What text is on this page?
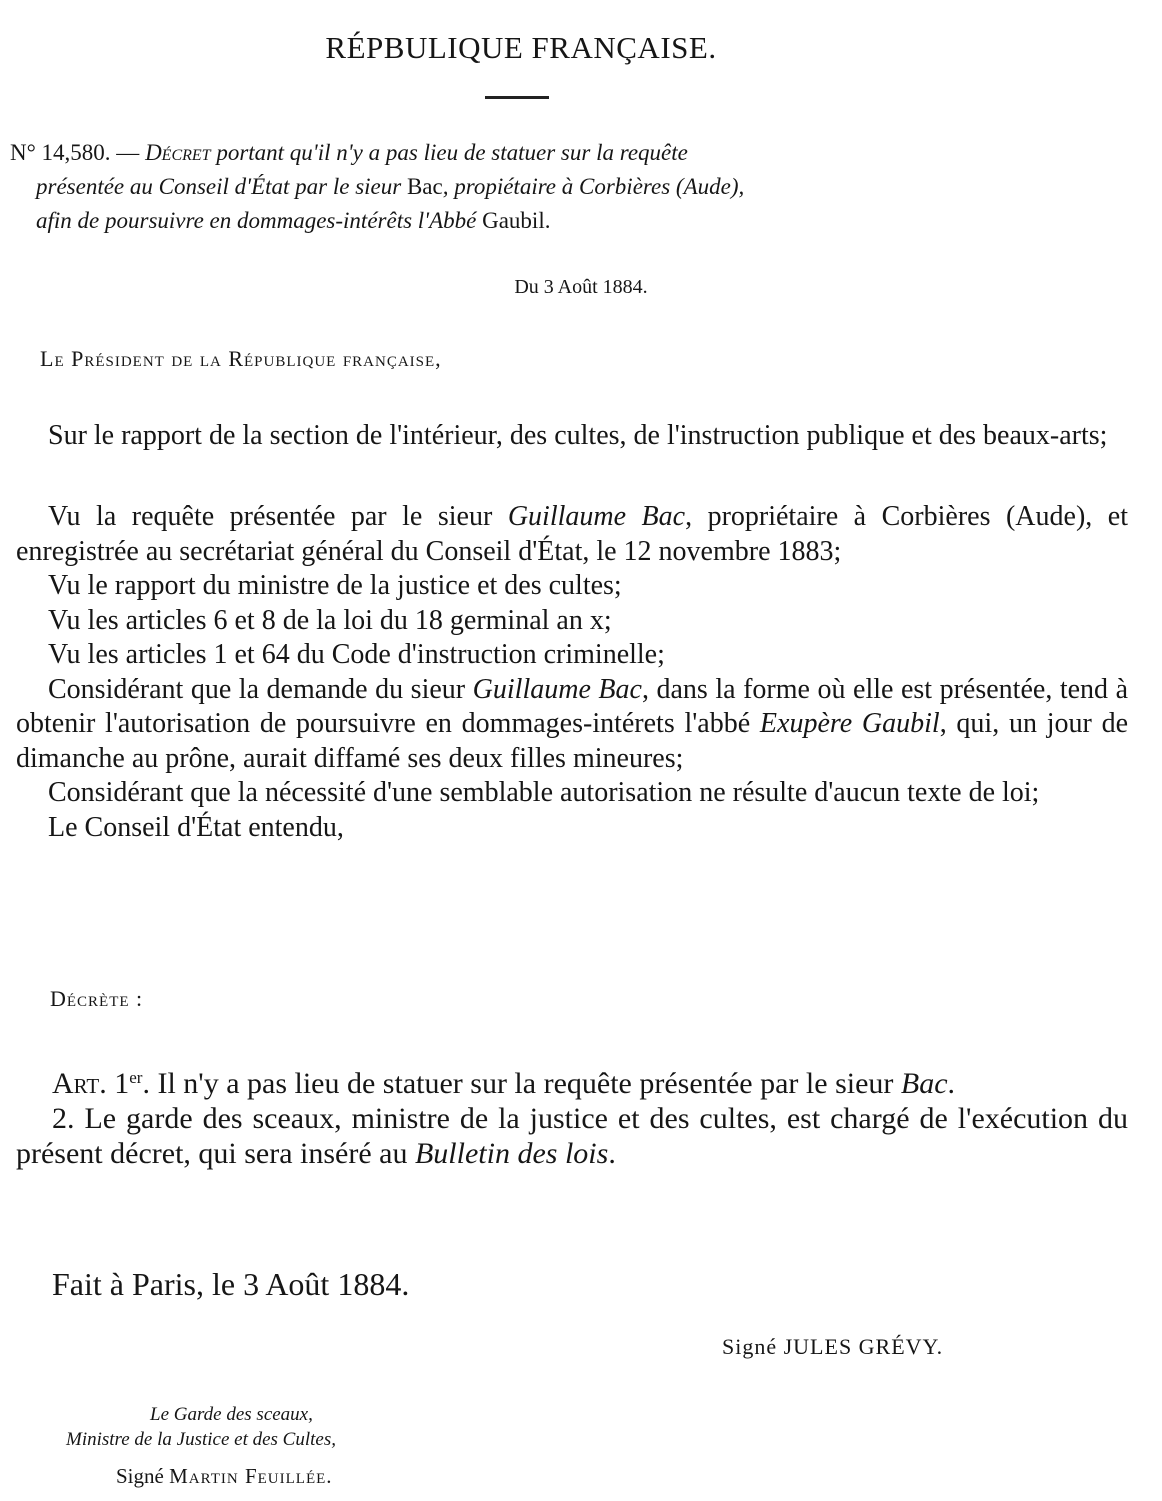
RÉPBULIQUE FRANÇAISE.
N° 14,580. — Décret portant qu'il n'y a pas lieu de statuer sur la requête
présentée au Conseil d'État par le sieur Bac, propiétaire à Corbières (Aude),
afin de poursuivre en dommages-intérêts l'Abbé Gaubil.
Du 3 Août 1884.
Le Président de la République française,

Sur le rapport de la section de l'intérieur, des cultes, de l'instruction publique et des beaux-arts;

Vu la requête présentée par le sieur Guillaume Bac, propriétaire à Corbières (Aude), et enregistrée au secrétariat général du Conseil d'État, le 12 novembre 1883;

Vu le rapport du ministre de la justice et des cultes;

Vu les articles 6 et 8 de la loi du 18 germinal an x;

Vu les articles 1 et 64 du Code d'instruction criminelle;

Considérant que la demande du sieur Guillaume Bac, dans la forme où elle est présentée, tend à obtenir l'autorisation de poursuivre en dommages-intérets l'abbé Exupère Gaubil, qui, un jour de dimanche au prône, aurait diffamé ses deux filles mineures;

Considérant que la nécessité d'une semblable autorisation ne résulte d'aucun texte de loi;

Le Conseil d'État entendu,

Décrète :

Art. 1er. Il n'y a pas lieu de statuer sur la requête présentée par le sieur Bac.

2. Le garde des sceaux, ministre de la justice et des cultes, est chargé de l'exécution du présent décret, qui sera inséré au Bulletin des lois.

Fait à Paris, le 3 Août 1884.
Signé JULES GRÉVY.
Le Garde des sceaux,
Ministre de la Justice et des Cultes,
Signé Martin Feuillée.
